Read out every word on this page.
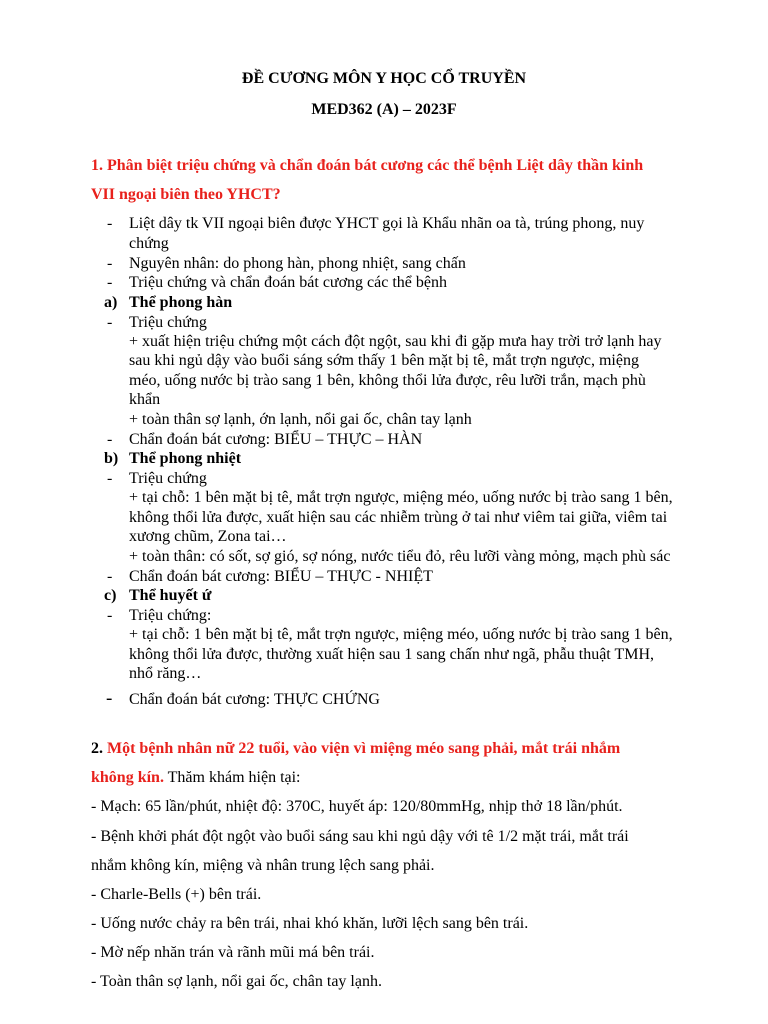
ĐỀ CƯƠNG MÔN Y HỌC CỔ TRUYỀN
MED362 (A) – 2023F
1. Phân biệt triệu chứng và chẩn đoán bát cương các thể bệnh Liệt dây thần kinh
VII ngoại biên theo YHCT?
- Liệt dây tk VII ngoại biên được YHCT gọi là Khẩu nhãn oa tà, trúng phong, nuy
chứng
- Nguyên nhân: do phong hàn, phong nhiệt, sang chấn
- Triệu chứng và chẩn đoán bát cương các thể bệnh
a) Thể phong hàn
- Triệu chứng
+ xuất hiện triệu chứng một cách đột ngột, sau khi đi gặp mưa hay trời trở lạnh hay
sau khi ngủ dậy vào buổi sáng sớm thấy 1 bên mặt bị tê, mắt trợn ngược, miệng
méo, uống nước bị trào sang 1 bên, không thổi lửa được, rêu lưỡi trắn, mạch phù
khẩn
+ toàn thân sợ lạnh, ớn lạnh, nổi gai ốc, chân tay lạnh
- Chẩn đoán bát cương: BIỂU – THỰC – HÀN
b) Thể phong nhiệt
- Triệu chứng
+ tại chỗ: 1 bên mặt bị tê, mắt trợn ngược, miệng méo, uống nước bị trào sang 1 bên,
không thổi lửa được, xuất hiện sau các nhiễm trùng ở tai như viêm tai giữa, viêm tai
xương chũm, Zona tai…
+ toàn thân: có sốt, sợ gió, sợ nóng, nước tiểu đỏ, rêu lưỡi vàng mỏng, mạch phù sác
- Chẩn đoán bát cương: BIỂU – THỰC - NHIỆT
c) Thể huyết ứ
- Triệu chứng:
+ tại chỗ: 1 bên mặt bị tê, mắt trợn ngược, miệng méo, uống nước bị trào sang 1 bên,
không thổi lửa được, thường xuất hiện sau 1 sang chấn như ngã, phẫu thuật TMH,
nhổ răng…
- Chẩn đoán bát cương: THỰC CHỨNG
2. Một bệnh nhân nữ 22 tuổi, vào viện vì miệng méo sang phải, mắt trái nhắm
không kín. Thăm khám hiện tại:
- Mạch: 65 lần/phút, nhiệt độ: 370C, huyết áp: 120/80mmHg, nhịp thở 18 lần/phút.
- Bệnh khởi phát đột ngột vào buổi sáng sau khi ngủ dậy với tê 1/2 mặt trái, mắt trái
nhắm không kín, miệng và nhân trung lệch sang phải.
- Charle-Bells (+) bên trái.
- Uống nước chảy ra bên trái, nhai khó khăn, lưỡi lệch sang bên trái.
- Mờ nếp nhăn trán và rãnh mũi má bên trái.
- Toàn thân sợ lạnh, nổi gai ốc, chân tay lạnh.
